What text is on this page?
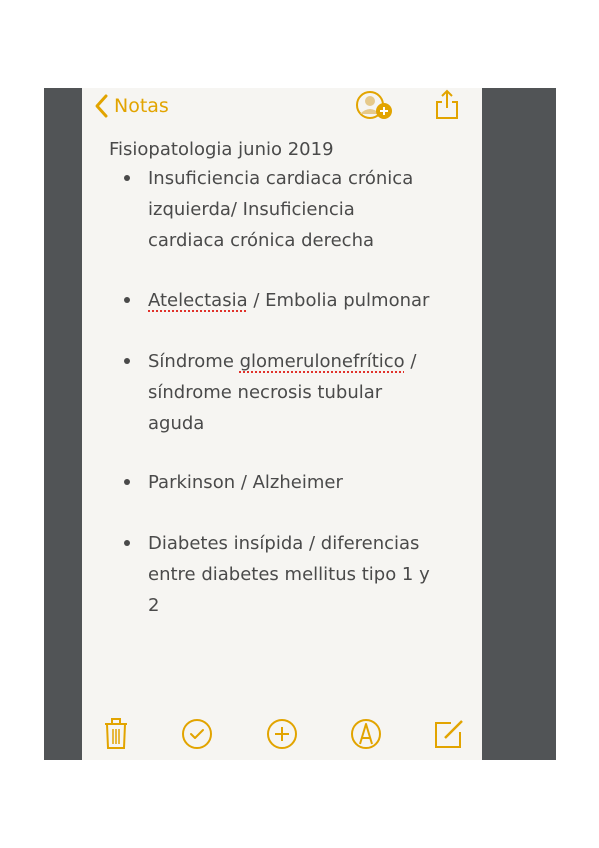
Notas
Fisiopatologia junio 2019
Insuficiencia cardiaca crónica
izquierda/ Insuficiencia
cardiaca crónica derecha
Atelectasia / Embolia pulmonar
Síndrome glomerulonefrítico /
síndrome necrosis tubular
aguda
Parkinson / Alzheimer
Diabetes insípida / diferencias
entre diabetes mellitus tipo 1 y
2
